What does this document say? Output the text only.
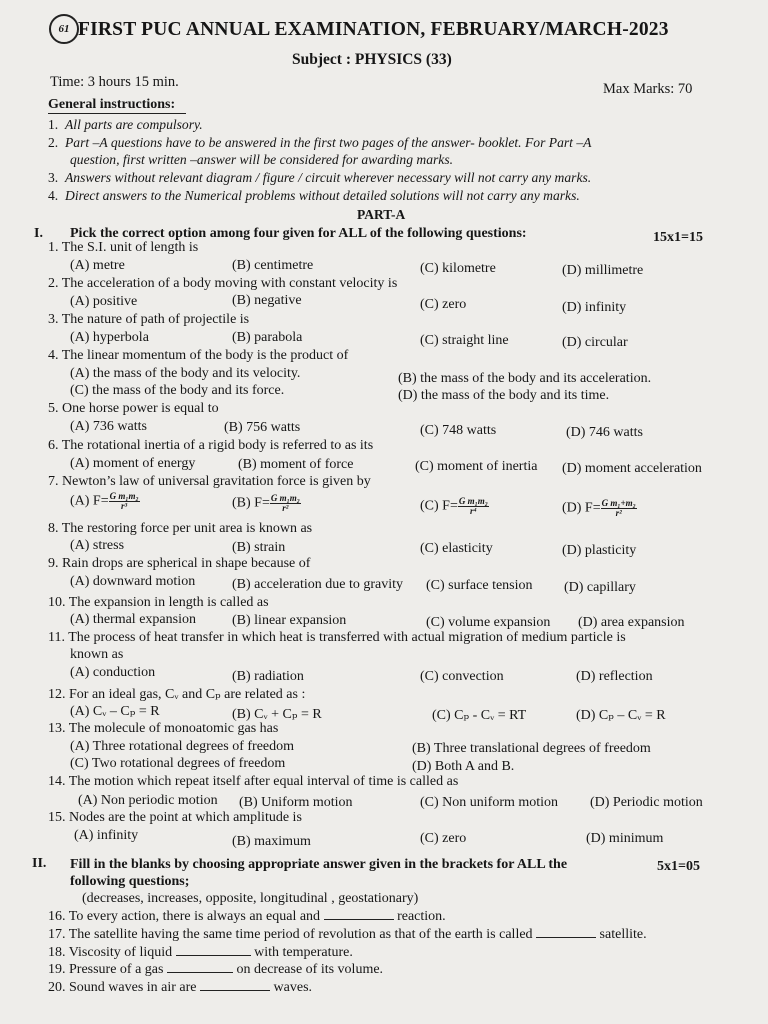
61 FIRST PUC ANNUAL EXAMINATION, FEBRUARY/MARCH-2023
Subject : PHYSICS (33)
Time: 3 hours 15 min.	Max Marks: 70
General instructions:
1. All parts are compulsory.
2. Part –A questions have to be answered in the first two pages of the answer- booklet. For Part –A
question, first written –answer will be considered for awarding marks.
3. Answers without relevant diagram / figure / circuit wherever necessary will not carry any marks.
4. Direct answers to the Numerical problems without detailed solutions will not carry any marks.
PART-A
I. Pick the correct option among four given for ALL of the following questions:	15x1=15
1. The S.I. unit of length is
(A) metre	(B) centimetre	(C) kilometre	(D) millimetre
2. The acceleration of a body moving with constant velocity is
(A) positive	(B) negative	(C) zero	(D) infinity
3. The nature of path of projectile is
(A) hyperbola	(B) parabola	(C) straight line	(D) circular
4. The linear momentum of the body is the product of
(A) the mass of the body and its velocity.	(B) the mass of the body and its acceleration.
(C) the mass of the body and its force.	(D) the mass of the body and its time.
5. One horse power is equal to
(A) 736 watts	(B) 756 watts	(C) 748 watts	(D) 746 watts
6. The rotational inertia of a rigid body is referred to as its
(A) moment of energy	(B) moment of force	(C) moment of inertia (D) moment acceleration
7. Newton’s law of universal gravitation force is given by
(A) $F= \frac{\text{G m₁m₂}}{\text{r³}}$	(B) $F= \frac{\text{G m₁m₂}}{\text{r²}}$	(C) $F= \frac{\text{G m₁m₂}}{\text{r⁴}}$	(D) $F= \frac{\text{G m₁+m₂}}{\text{r²}}$
8. The restoring force per unit area is known as
(A) stress	(B) strain	(C) elasticity	(D) plasticity
9. Rain drops are spherical in shape because of
(A) downward motion	(B) acceleration due to gravity (C) surface tension (D) capillary
10. The expansion in length is called as
(A) thermal expansion	(B) linear expansion	(C) volume expansion (D) area expansion
11. The process of heat transfer in which heat is transferred with actual migration of medium particle is
known as
(A) conduction	(B) radiation	(C) convection	(D) reflection
12. For an ideal gas, Cᵥ and Cₚ are related as :
(A) Cᵥ – Cₚ = R	(B) Cᵥ + Cₚ = R	(C) Cₚ - Cᵥ = RT	(D) Cₚ – Cᵥ = R
13. The molecule of monoatomic gas has
(A) Three rotational degrees of freedom	(B) Three translational degrees of freedom
(C) Two rotational degrees of freedom	(D) Both A and B.
14. The motion which repeat itself after equal interval of time is called as
(A) Non periodic motion (B) Uniform motion	(C) Non uniform motion (D) Periodic motion
15. Nodes are the point at which amplitude is
(A) infinity	(B) maximum	(C) zero	(D) minimum
II. Fill in the blanks by choosing appropriate answer given in the brackets for ALL the
following questions;
5x1=05
(decreases, increases, opposite, longitudinal , geostationary)
16. To every action, there is always an equal and	reaction.
17. The satellite having the same time period of revolution as that of the earth is called	satellite.
18. Viscosity of liquid	with temperature.
19. Pressure of a gas	on decrease of its volume.
20. Sound waves in air are	waves.
